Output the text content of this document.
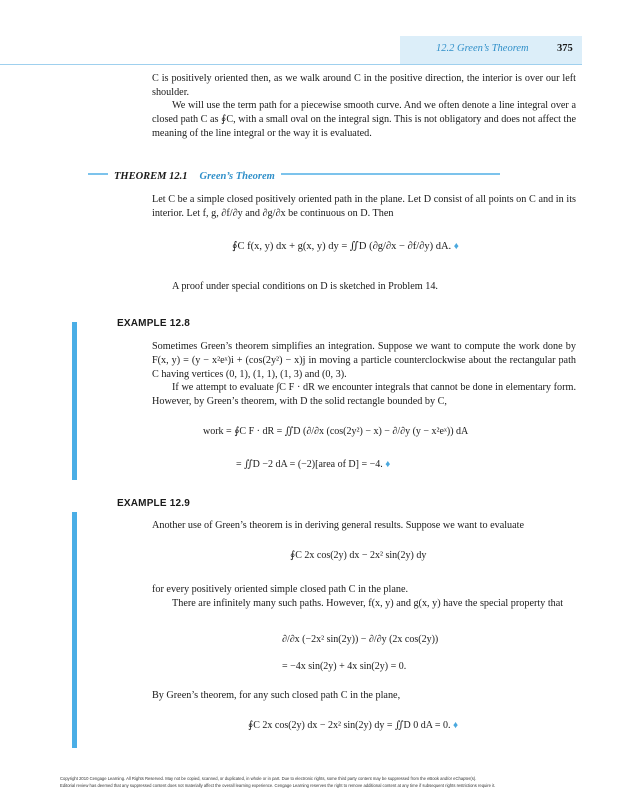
12.2 Green’s Theorem	375
C is positively oriented then, as we walk around C in the positive direction, the interior is over our left shoulder.
We will use the term path for a piecewise smooth curve. And we often denote a line integral over a closed path C as ∮C, with a small oval on the integral sign. This is not obligatory and does not affect the meaning of the line integral or the way it is evaluated.
THEOREM 12.1 Green’s Theorem
Let C be a simple closed positively oriented path in the plane. Let D consist of all points on C and in its interior. Let f, g, ∂f/∂y and ∂g/∂x be continuous on D. Then
∮C f(x, y) dx + g(x, y) dy = ∬D (∂g/∂x − ∂f/∂y) dA. ♦
A proof under special conditions on D is sketched in Problem 14.
EXAMPLE 12.8
Sometimes Green’s theorem simplifies an integration. Suppose we want to compute the work done by F(x, y) = (y − x²eˣ)i + (cos(2y²) − x)j in moving a particle counterclockwise about the rectangular path C having vertices (0, 1), (1, 1), (1, 3) and (0, 3).
If we attempt to evaluate ∫C F · dR we encounter integrals that cannot be done in elementary form. However, by Green’s theorem, with D the solid rectangle bounded by C,
work = ∮C F · dR = ∬D (∂/∂x (cos(2y²) − x) − ∂/∂y (y − x²eˣ)) dA
= ∬D −2 dA = (−2)[area of D] = −4. ♦
EXAMPLE 12.9
Another use of Green’s theorem is in deriving general results. Suppose we want to evaluate
∮C 2x cos(2y) dx − 2x² sin(2y) dy
for every positively oriented simple closed path C in the plane.
There are infinitely many such paths. However, f(x, y) and g(x, y) have the special property that
∂/∂x (−2x² sin(2y)) − ∂/∂y (2x cos(2y))
= −4x sin(2y) + 4x sin(2y) = 0.
By Green’s theorem, for any such closed path C in the plane,
∮C 2x cos(2y) dx − 2x² sin(2y) dy = ∬D 0 dA = 0. ♦
Copyright 2010 Cengage Learning. All Rights Reserved. May not be copied, scanned, or duplicated, in whole or in part. Due to electronic rights, some third party content may be suppressed from the eBook and/or eChapter(s).
Editorial review has deemed that any suppressed content does not materially affect the overall learning experience. Cengage Learning reserves the right to remove additional content at any time if subsequent rights restrictions require it.
